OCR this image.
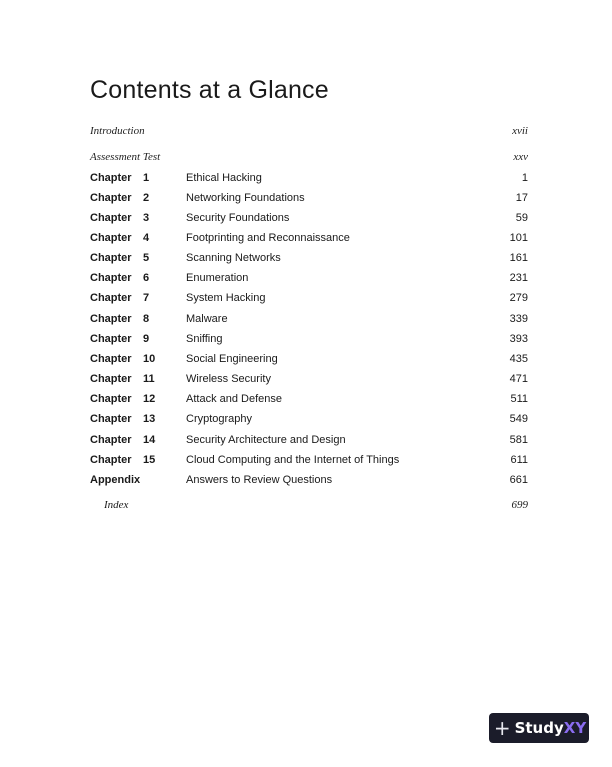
Contents at a Glance
Introduction	xvii
Assessment Test	xxv
Chapter 1	Ethical Hacking	1
Chapter 2	Networking Foundations	17
Chapter 3	Security Foundations	59
Chapter 4	Footprinting and Reconnaissance	101
Chapter 5	Scanning Networks	161
Chapter 6	Enumeration	231
Chapter 7	System Hacking	279
Chapter 8	Malware	339
Chapter 9	Sniffing	393
Chapter 10	Social Engineering	435
Chapter 11	Wireless Security	471
Chapter 12	Attack and Defense	511
Chapter 13	Cryptography	549
Chapter 14	Security Architecture and Design	581
Chapter 15	Cloud Computing and the Internet of Things	611
Appendix	Answers to Review Questions	661
Index	699
+ Study XY
